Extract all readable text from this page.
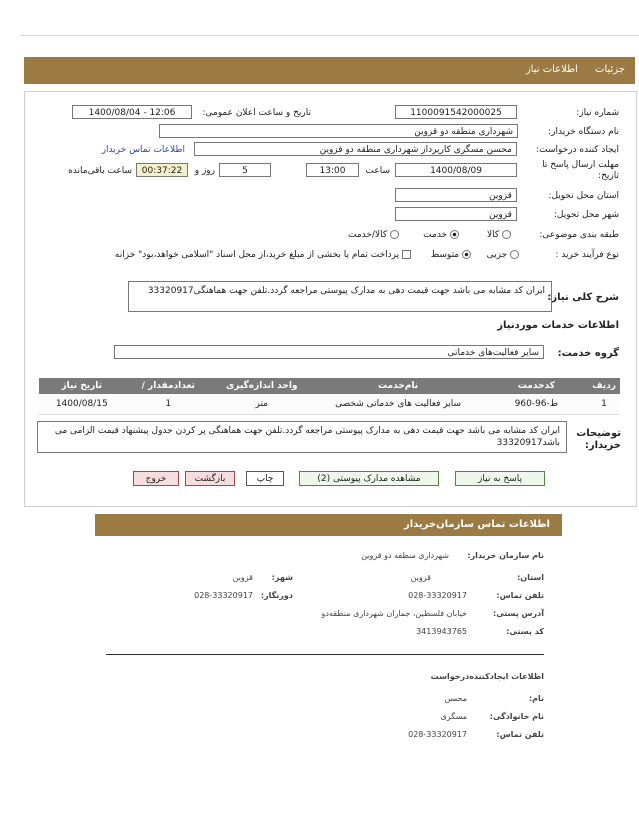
جزئیات اطلاعات نیاز
شماره نیاز:
1100091542000025
تاریخ و ساعت اعلان عمومی:
1400/08/04 - 12:06
نام دستگاه خریدار:
شهرداری منطقه دو قزوین
ایجاد کننده درخواست:
محسن مسگری کارپرداز شهرداری منطقه دو قزوین
اطلاعات تماس خریدار
مهلت ارسال پاسخ تا تاریخ:
1400/08/09
ساعت
13:00
5
روز و
00:37:22
ساعت باقی‌مانده
استان محل تحویل:
قزوین
شهر محل تحویل:
قزوین
طبقه بندی موضوعی:
کالا
خدمت
کالا/خدمت
نوع فرآیند خرید :
جزیی
متوسط
پرداخت تمام یا بخشی از مبلغ خرید،از محل اسناد "اسلامی خواهد،بود" خزانه
شرح کلی نیاز:
ایران کد مشابه می باشد جهت قیمت دهی به مدارک پیوستی مراجعه گردد.تلفن جهت هماهنگی33320917
اطلاعات خدمات مورد‌نیاز
گروه خدمت:
سایر فعالیت‌های خدماتی
ردیف	کدخدمت	نام‌خدمت	واحد اندازه‌گیری	تعداد‌مقدار /	تاریخ نیاز
1	ط-96-960	سایر فعالیت های خدماتی شخصی	متر	1	1400/08/15
توضیحات خریدار:
ایران کد مشابه می باشد جهت قیمت دهی به مدارک پیوستی مراجعه گردد.تلفن جهت هماهنگی پر کردن جدول پیشنهاد قیمت الزامی می باشد33320917
پاسخ به نیاز
مشاهده مدارک پیوستی (2)
چاپ
بازگشت
خروج
اطلاعات تماس سازمان‌خریدار
نام سازمان خریدار:
شهرداری منطقه دو قزوین
استان:
قزوین
شهر:
قزوین
تلفن تماس:
028-33320917
دورنگار:
028-33320917
آدرس پستی:
خیابان فلسطین، جماران شهرداری منطقه‌دو
کد پستی:
3413943765
اطلاعات ایجاد‌کننده‌درخواست
نام:
محسن
نام خانوادگی:
مسگری
تلفن تماس:
028-33320917
